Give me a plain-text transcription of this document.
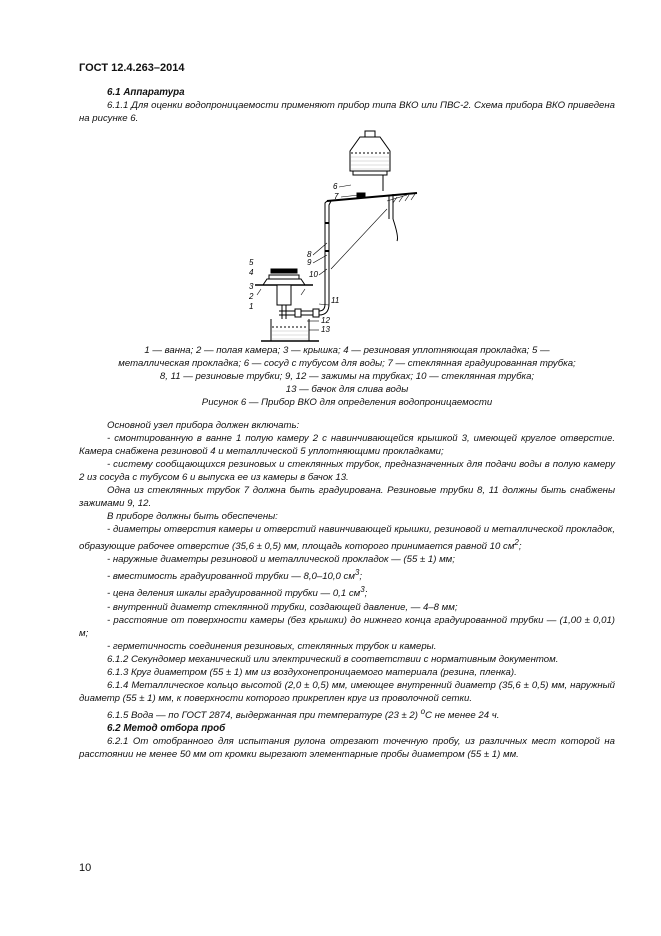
ГОСТ 12.4.263–2014

6.1 Аппаратура

6.1.1 Для оценки водопроницаемости применяют прибор типа ВКО или ПВС-2. Схема прибора ВКО приведена на рисунке 6.

6
7
8
9
10
11
12
13
5
4
3
2
1

1 — ванна; 2 — полая камера; 3 — крышка; 4 — резиновая уплотняющая прокладка; 5 —

металлическая прокладка; 6 — сосуд с тубусом для воды; 7 — стеклянная градуированная трубка;

8, 11 — резиновые трубки; 9, 12 — зажимы на трубках; 10 — стеклянная трубка;

13 — бачок для слива воды

Рисунок 6 — Прибор ВКО для определения водопроницаемости

Основной узел прибора должен включать:

- смонтированную в ванне 1 полую камеру 2 с навинчивающейся крышкой 3, имеющей круглое отверстие. Камера снабжена резиновой 4 и металлической 5 уплотняющими прокладками;

- систему сообщающихся резиновых и стеклянных трубок, предназначенных для подачи воды в полую камеру 2 из сосуда с тубусом 6 и выпуска ее из камеры в бачок 13.

Одна из стеклянных трубок 7 должна быть градуирована. Резиновые трубки 8, 11 должны быть снабжены зажимами 9, 12.

В приборе должны быть обеспечены:

- диаметры отверстия камеры и отверстий навинчивающей крышки, резиновой и металлической прокладок, образующие рабочее отверстие (35,6 ± 0,5) мм, площадь которого принимается равной 10 $см^2$;

- наружные диаметры резиновой и металлической прокладок — (55 ± 1) мм;

- вместимость градуированной трубки — 8,0–10,0 $см^3$;

- цена деления шкалы градуированной трубки — 0,1 $см^3$;

- внутренний диаметр стеклянной трубки, создающей давление, — 4–8 мм;

- расстояние от поверхности камеры (без крышки) до нижнего конца градуированной трубки — (1,00 ± 0,01) м;

- герметичность соединения резиновых, стеклянных трубок и камеры.

6.1.2 Секундомер механический или электрический в соответствии с нормативным документом.

6.1.3 Круг диаметром (55 ± 1) мм из воздухонепроницаемого материала (резина, пленка).

6.1.4 Металлическое кольцо высотой (2,0 ± 0,5) мм, имеющее внутренний диаметр (35,6 ± 0,5) мм, наружный диаметр (55 ± 1) мм, к поверхности которого прикреплен круг из проволочной сетки.

6.1.5 Вода — по ГОСТ 2874, выдержанная при температуре (23 ± 2) $^о$С не менее 24 ч.

6.2 Метод отбора проб

6.2.1 От отобранного для испытания рулона отрезают точечную пробу, из различных мест которой на расстоянии не менее 50 мм от кромки вырезают элементарные пробы диаметром (55 ± 1) мм.

10
